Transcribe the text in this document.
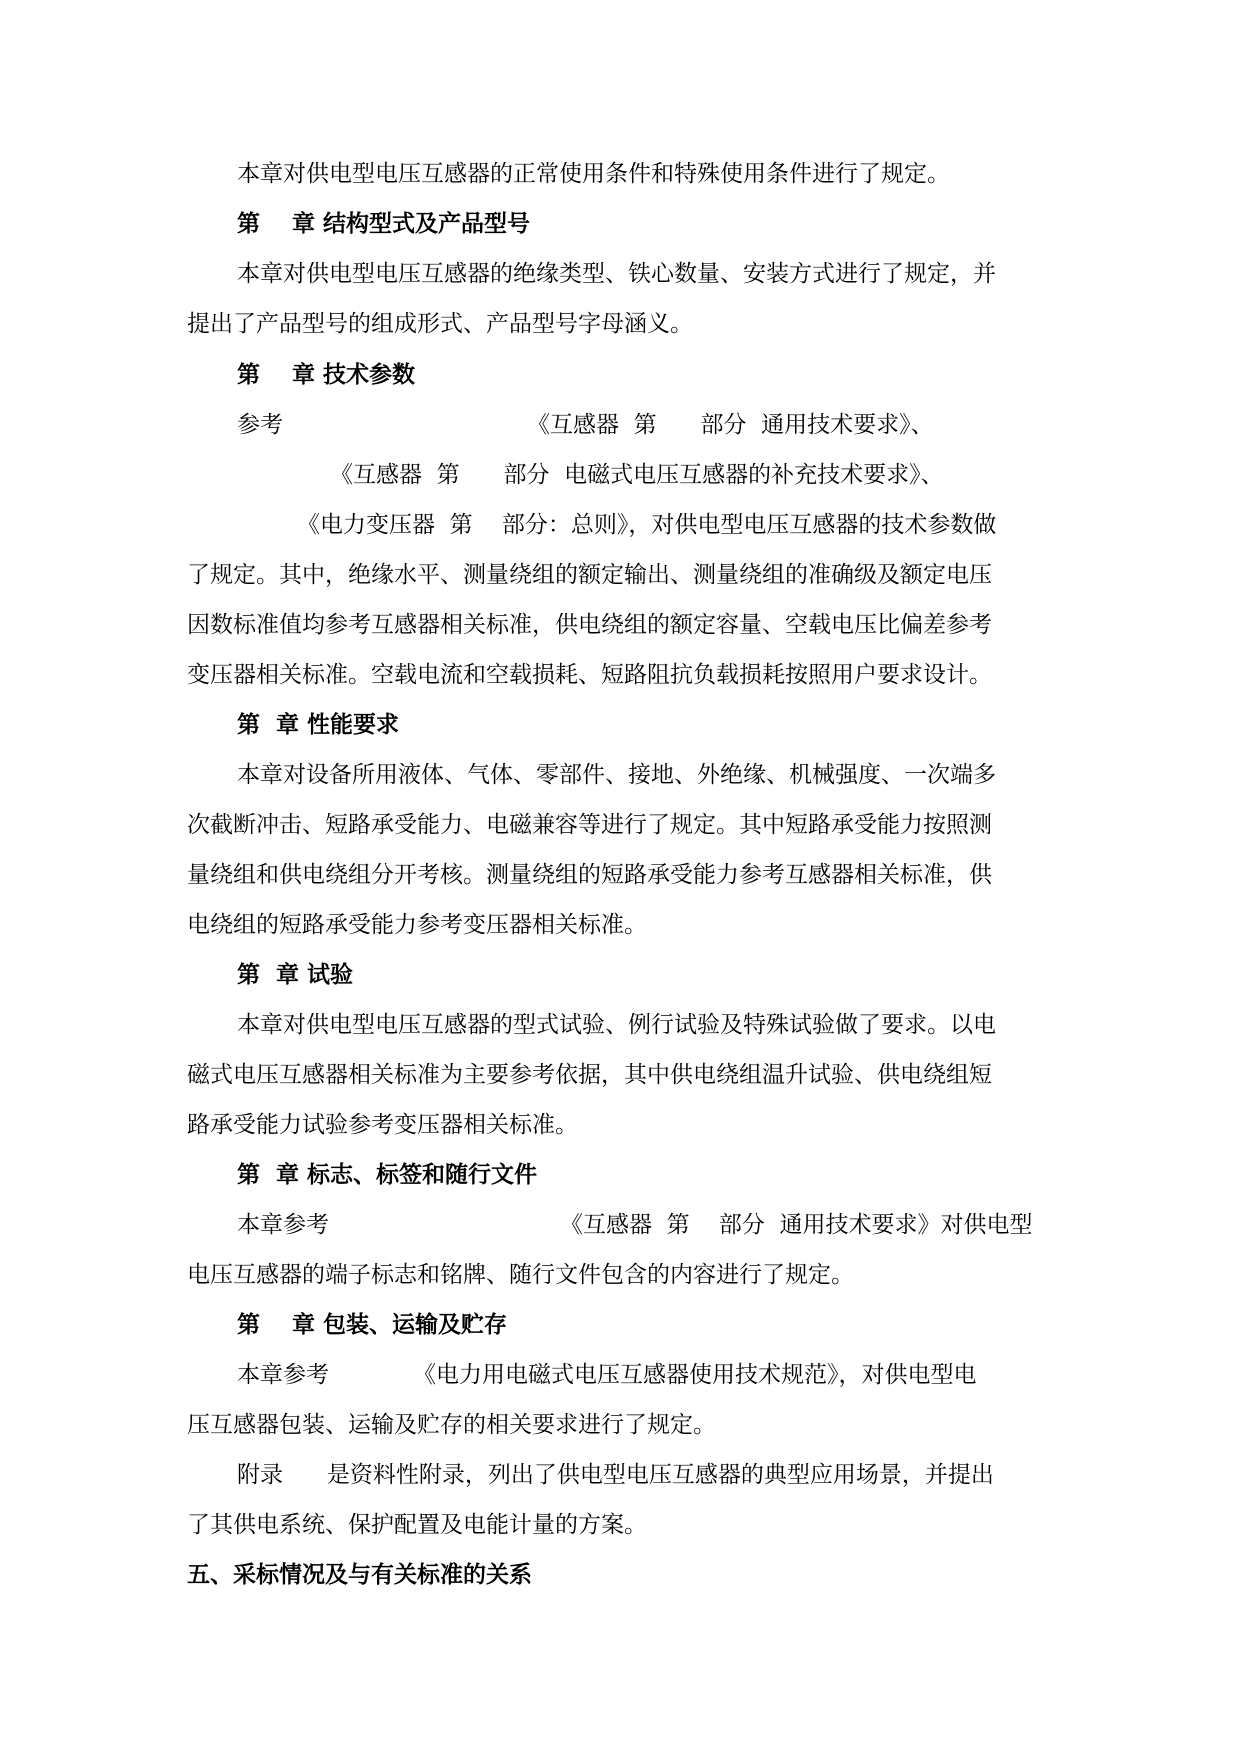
本章对供电型电压互感器的正常使用条件和特殊使用条件进行了规定。
第    章 结构型式及产品型号
本章对供电型电压互感器的绝缘类型、铁心数量、安装方式进行了规定，并
提出了产品型号的组成形式、产品型号字母涵义。
第    章 技术参数
参考	《互感器  第      部分  通用技术要求》、
《互感器  第      部分  电磁式电压互感器的补充技术要求》、
《电力变压器  第    部分：总则》，对供电型电压互感器的技术参数做
了规定。其中，绝缘水平、测量绕组的额定输出、测量绕组的准确级及额定电压
因数标准值均参考互感器相关标准，供电绕组的额定容量、空载电压比偏差参考
变压器相关标准。空载电流和空载损耗、短路阻抗负载损耗按照用户要求设计。
第  章 性能要求
本章对设备所用液体、气体、零部件、接地、外绝缘、机械强度、一次端多
次截断冲击、短路承受能力、电磁兼容等进行了规定。其中短路承受能力按照测
量绕组和供电绕组分开考核。测量绕组的短路承受能力参考互感器相关标准，供
电绕组的短路承受能力参考变压器相关标准。
第  章 试验
本章对供电型电压互感器的型式试验、例行试验及特殊试验做了要求。以电
磁式电压互感器相关标准为主要参考依据，其中供电绕组温升试验、供电绕组短
路承受能力试验参考变压器相关标准。
第  章 标志、标签和随行文件
本章参考	《互感器  第    部分  通用技术要求》对供电型
电压互感器的端子标志和铭牌、随行文件包含的内容进行了规定。
第    章 包装、运输及贮存
本章参考	《电力用电磁式电压互感器使用技术规范》，对供电型电
压互感器包装、运输及贮存的相关要求进行了规定。
附录      是资料性附录，列出了供电型电压互感器的典型应用场景，并提出
了其供电系统、保护配置及电能计量的方案。
五、采标情况及与有关标准的关系
